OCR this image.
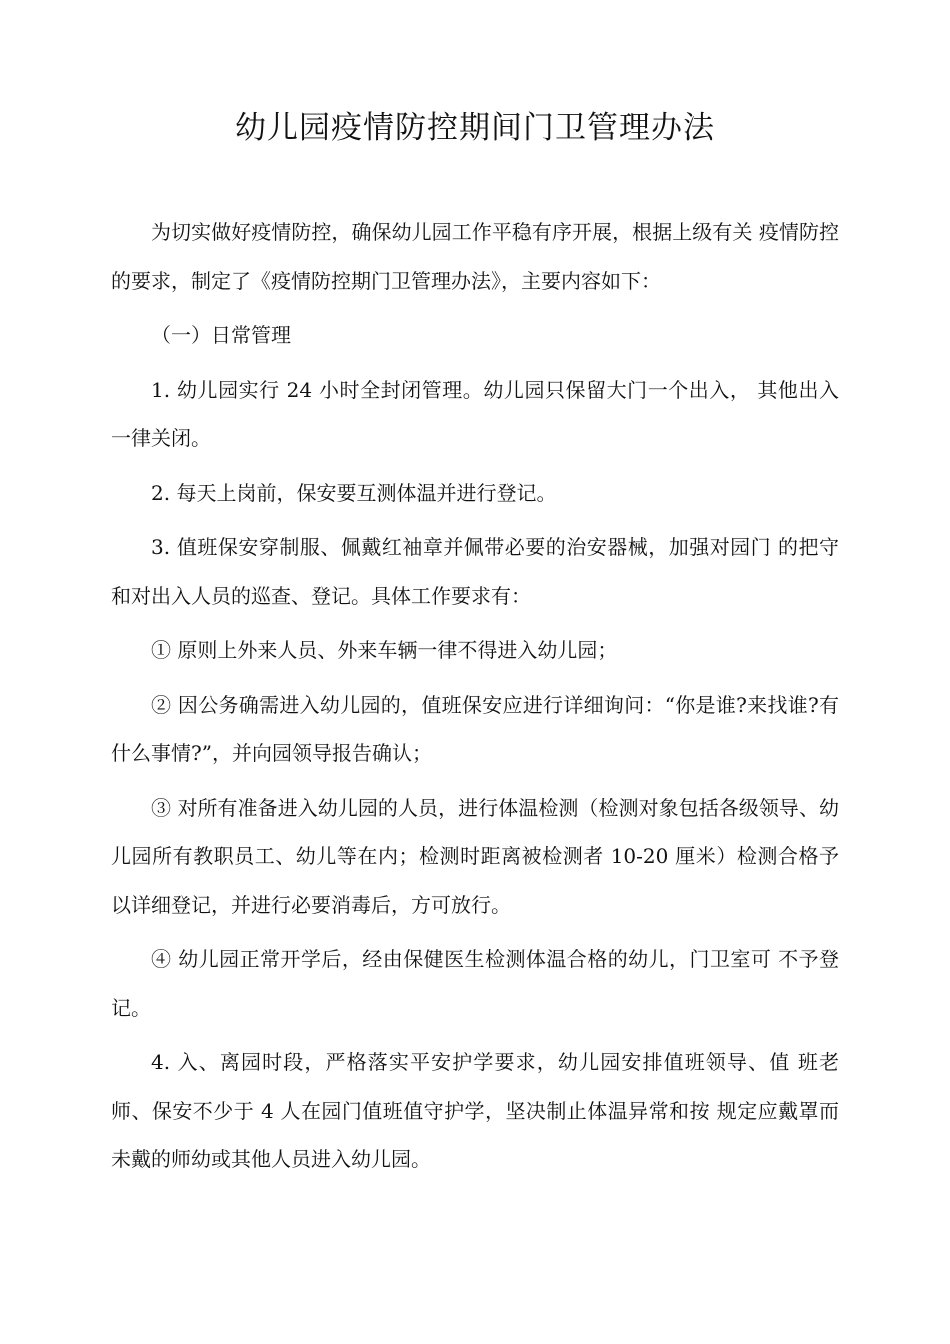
幼儿园疫情防控期间门卫管理办法

为切实做好疫情防控，确保幼儿园工作平稳有序开展，根据上级有关 疫情防控的要求，制定了《疫情防控期门卫管理办法》，主要内容如下：

（一）日常管理

1. 幼儿园实行 24 小时全封闭管理。幼儿园只保留大门一个出入， 其他出入一律关闭。

2. 每天上岗前，保安要互测体温并进行登记。

3. 值班保安穿制服、佩戴红袖章并佩带必要的治安器械，加强对园门 的把守和对出入人员的巡查、登记。具体工作要求有：

① 原则上外来人员、外来车辆一律不得进入幼儿园；

② 因公务确需进入幼儿园的，值班保安应进行详细询问：“你是谁?来找谁?有什么事情?”，并向园领导报告确认；

③ 对所有准备进入幼儿园的人员，进行体温检测（检测对象包括各级领导、幼儿园所有教职员工、幼儿等在内；检测时距离被检测者 10-20 厘米）检测合格予以详细登记，并进行必要消毒后，方可放行。

④ 幼儿园正常开学后，经由保健医生检测体温合格的幼儿，门卫室可 不予登记。

4. 入、离园时段，严格落实平安护学要求，幼儿园安排值班领导、值 班老师、保安不少于 4 人在园门值班值守护学，坚决制止体温异常和按 规定应戴罩而未戴的师幼或其他人员进入幼儿园。
